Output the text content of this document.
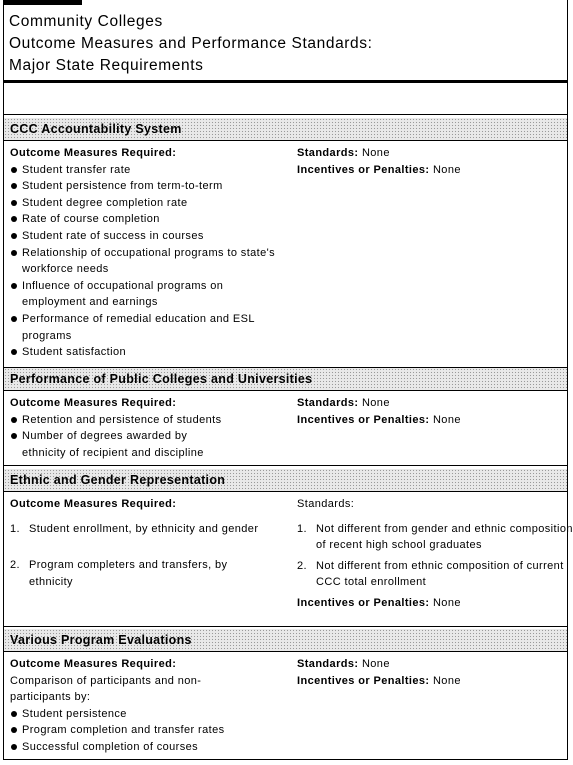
Community Colleges
Outcome Measures and Performance Standards:
Major State Requirements
CCC Accountability System
Outcome Measures Required:
Student transfer rate
Student persistence from term-to-term
Student degree completion rate
Rate of course completion
Student rate of success in courses
Relationship of occupational programs to state's workforce needs
Influence of occupational programs on employment and earnings
Performance of remedial education and ESL programs
Student satisfaction
Standards: None
Incentives or Penalties: None
Performance of Public Colleges and Universities
Outcome Measures Required:
Retention and persistence of students
Number of degrees awarded by ethnicity of recipient and discipline
Standards: None
Incentives or Penalties: None
Ethnic and Gender Representation
Outcome Measures Required:
1. Student enrollment, by ethnicity and gender
2. Program completers and transfers, by ethnicity
Standards:
1. Not different from gender and ethnic composition of recent high school graduates
2. Not different from ethnic composition of current CCC total enrollment
Incentives or Penalties: None
Various Program Evaluations
Outcome Measures Required:
Comparison of participants and non-participants by:
Student persistence
Program completion and transfer rates
Successful completion of courses
Standards: None
Incentives or Penalties: None
